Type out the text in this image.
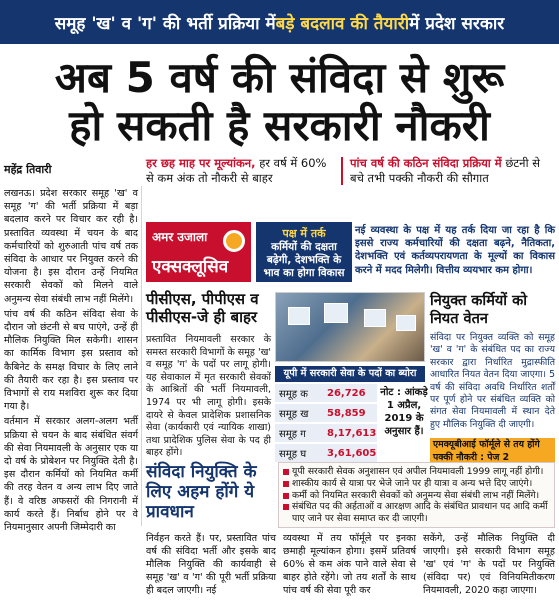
समूह 'ख' व 'ग' की भर्ती प्रक्रिया में बड़े बदलाव की तैयारी में प्रदेश सरकार
अब 5 वर्ष की संविदा से शुरू
हो सकती है सरकारी नौकरी
महेंद्र तिवारी	हर छह माह पर मूल्यांकन, हर वर्ष में 60% से कम अंक तो नौकरी से बाहर
पांच वर्ष की कठिन संविदा प्रक्रिया में छंटनी से बचे तभी पक्की नौकरी की सौगात

लखनऊ। प्रदेश सरकार समूह 'ख' व समूह 'ग' की भर्ती प्रक्रिया में बड़ा बदलाव करने पर विचार कर रही है। प्रस्तावित व्यवस्था में चयन के बाद कर्मचारियों को शुरुआती पांच वर्ष तक संविदा के आधार पर नियुक्त करने की योजना है। इस दौरान उन्हें नियमित सरकारी सेवकों को मिलने वाले अनुमन्य सेवा संबंधी लाभ नहीं मिलेंगे।

पांच वर्ष की कठिन संविदा सेवा के दौरान जो छंटनी से बच पाएंगे, उन्हें ही मौलिक नियुक्ति मिल सकेगी। शासन का कार्मिक विभाग इस प्रस्ताव को कैबिनेट के समक्ष विचार के लिए लाने की तैयारी कर रहा है। इस प्रस्ताव पर विभागों से राय मशविरा शुरू कर दिया गया है।

वर्तमान में सरकार अलग-अलग भर्ती प्रक्रिया से चयन के बाद संबंधित संवर्ग की सेवा नियमावली के अनुसार एक या दो वर्ष के प्रोबेशन पर नियुक्ति देती है। इस दौरान कर्मियों को नियमित कर्मी की तरह वेतन व अन्य लाभ दिए जाते हैं। वे वरिष्ठ अफसरों की निगरानी में कार्य करते हैं। निर्बाध होने पर वे नियमानुसार अपनी जिम्मेदारी का

अमर उजाला
एक्सक्लूसिव
पक्ष में तर्क
कर्मियों की दक्षता बढ़ेगी, देशभक्ति के भाव का होगा विकास
नई व्यवस्था के पक्ष में यह तर्क दिया जा रहा है कि इससे राज्य कर्मचारियों की दक्षता बढ़ने, नैतिकता, देशभक्ति एवं कर्तव्यपरायणता के मूल्यों का विकास करने में मदद मिलेगी। वित्तीय व्ययभार कम होगा।
पीसीएस, पीपीएस व पीसीएस-जे ही बाहर
प्रस्तावित नियमावली सरकार के समस्त सरकारी विभागों के समूह 'ख' व समूह 'ग' के पदों पर लागू होगी। यह सेवाकाल में मृत सरकारी सेवकों के आश्रितों की भर्ती नियमावली, 1974 पर भी लागू होगी। इसके दायरे से केवल प्रादेशिक प्रशासनिक सेवा (कार्यकारी एवं न्यायिक शाखा) तथा प्रादेशिक पुलिस सेवा के पद ही बाहर होंगे।
नियुक्त कर्मियों को नियत वेतन
संविदा पर नियुक्त व्यक्ति को समूह 'ख' व 'ग' के संबंधित पद का राज्य सरकार द्वारा निर्धारित मुद्रास्फीति आधारित नियत वेतन दिया जाएगा। 5 वर्ष की संविदा अवधि निर्धारित शर्तों पर पूर्ण होने पर संबंधित व्यक्ति को संगत सेवा नियमावली में स्थान देते हुए मौलिक नियुक्ति दी जाएगी।
यूपी में सरकारी सेवा के पदों का ब्योरा
समूह क	26,726
समूह ख	58,859
समूह ग	8,17,613
समूह घ	3,61,605
नोट : आंकड़े 1 अप्रैल, 2019 के अनुसार हैं।
एमक्यूबीआई फॉर्मूले से तय होंगे पक्की नौकरी : पेज 2
संविदा नियुक्ति के लिए अहम होंगे ये प्रावधान
यूपी सरकारी सेवक अनुशासन एवं अपील नियमावली 1999 लागू नहीं होगी।
शास्कीय कार्य से यात्रा पर भेजे जाने पर ही यात्रा व अन्य भत्ते दिए जाएंगे।
कर्मी को नियमित सरकारी सेवकों को अनुमन्य सेवा संबंधी लाभ नहीं मिलेंगे।
संबंधित पद की अर्हताओं व आरक्षण आदि के संबंधित प्रावधान पद आदि कर्मी पाए जाने पर सेवा समाप्त कर दी जाएगी।
निर्वहन करते हैं। पर, प्रस्तावित पांच वर्ष की संविदा भर्ती और इसके बाद मौलिक नियुक्ति की कार्यवाही से समूह 'ख' व 'ग' की पूरी भर्ती प्रक्रिया ही बदल जाएगी। नई
व्यवस्था में तय फॉर्मूले पर इनका छमाही मूल्यांकन होगा। इसमें प्रतिवर्ष 60% से कम अंक पाने वाले सेवा से बाहर होते रहेंगे। जो तय शर्तों के साथ पांच वर्ष की सेवा पूरी कर
सकेंगे, उन्हें मौलिक नियुक्ति दी जाएगी। इसे सरकारी विभाग समूह 'ख' एवं 'ग' के पदों पर नियुक्ति (संविदा पर) एवं विनियमितीकरण नियमावली, 2020 कहा जाएगा।
